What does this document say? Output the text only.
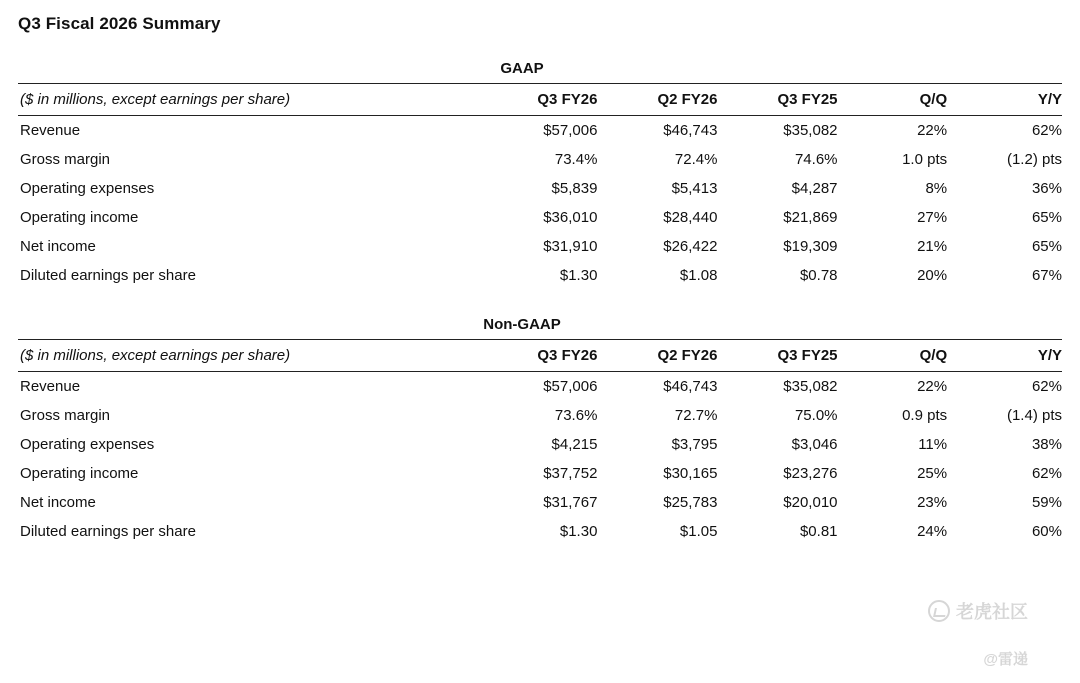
Q3 Fiscal 2026 Summary
GAAP
($ in millions, except earnings per share)	Q3 FY26	Q2 FY26	Q3 FY25	Q/Q	Y/Y
Revenue	$57,006	$46,743	$35,082	22%	62%
Gross margin	73.4%	72.4%	74.6%	1.0 pts	(1.2) pts
Operating expenses	$5,839	$5,413	$4,287	8%	36%
Operating income	$36,010	$28,440	$21,869	27%	65%
Net income	$31,910	$26,422	$19,309	21%	65%
Diluted earnings per share	$1.30	$1.08	$0.78	20%	67%
Non-GAAP
($ in millions, except earnings per share)	Q3 FY26	Q2 FY26	Q3 FY25	Q/Q	Y/Y
Revenue	$57,006	$46,743	$35,082	22%	62%
Gross margin	73.6%	72.7%	75.0%	0.9 pts	(1.4) pts
Operating expenses	$4,215	$3,795	$3,046	11%	38%
Operating income	$37,752	$30,165	$23,276	25%	62%
Net income	$31,767	$25,783	$20,010	23%	59%
Diluted earnings per share	$1.30	$1.05	$0.81	24%	60%
老虎社区
@雷递
